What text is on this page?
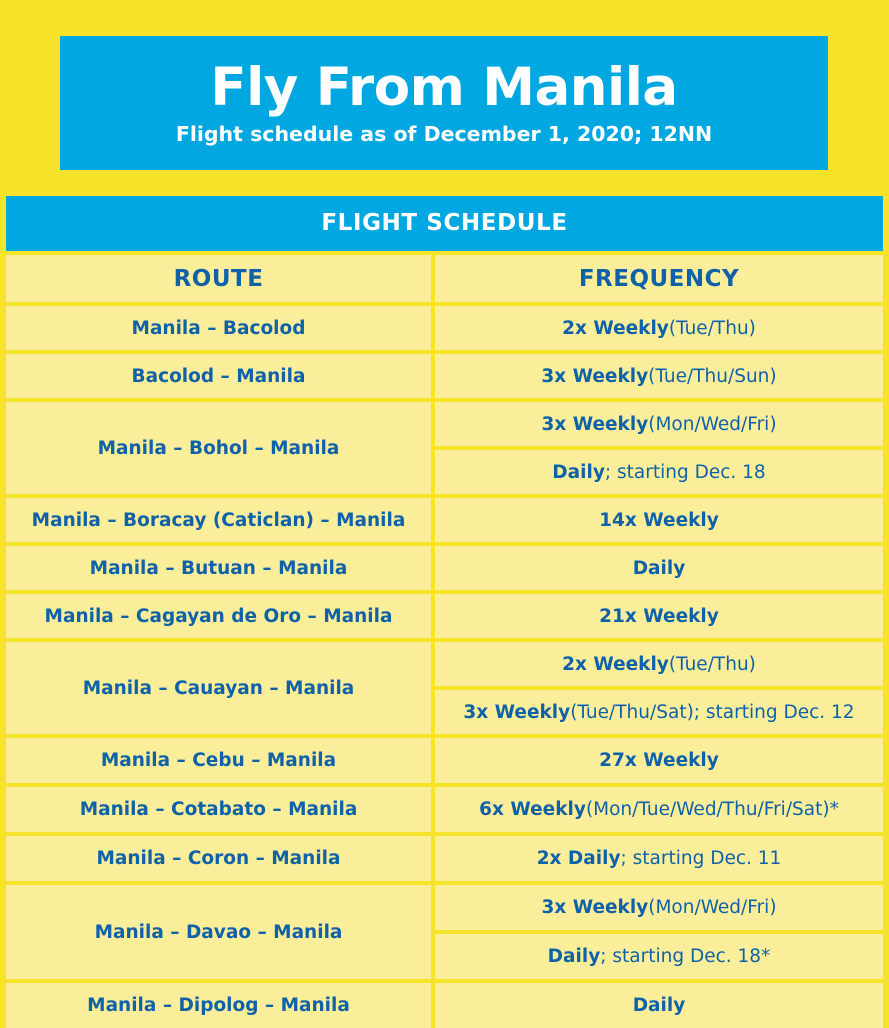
Fly From Manila
Flight schedule as of December 1, 2020; 12NN
FLIGHT SCHEDULE
ROUTE	FREQUENCY
Manila – Bacolod	2x Weekly (Tue/Thu)
Bacolod – Manila	3x Weekly (Tue/Thu/Sun)
Manila – Bohol – Manila
3x Weekly (Mon/Wed/Fri)
Daily ; starting Dec. 18
Manila – Boracay (Caticlan) – Manila	14x Weekly
Manila – Butuan – Manila	Daily
Manila – Cagayan de Oro – Manila	21x Weekly
Manila – Cauayan – Manila
2x Weekly (Tue/Thu)
3x Weekly (Tue/Thu/Sat); starting Dec. 12
Manila – Cebu – Manila	27x Weekly
Manila – Cotabato – Manila	6x Weekly (Mon/Tue/Wed/Thu/Fri/Sat)*
Manila – Coron – Manila	2x Daily ; starting Dec. 11
Manila – Davao – Manila
3x Weekly (Mon/Wed/Fri)
Daily ; starting Dec. 18*
Manila – Dipolog – Manila	Daily
